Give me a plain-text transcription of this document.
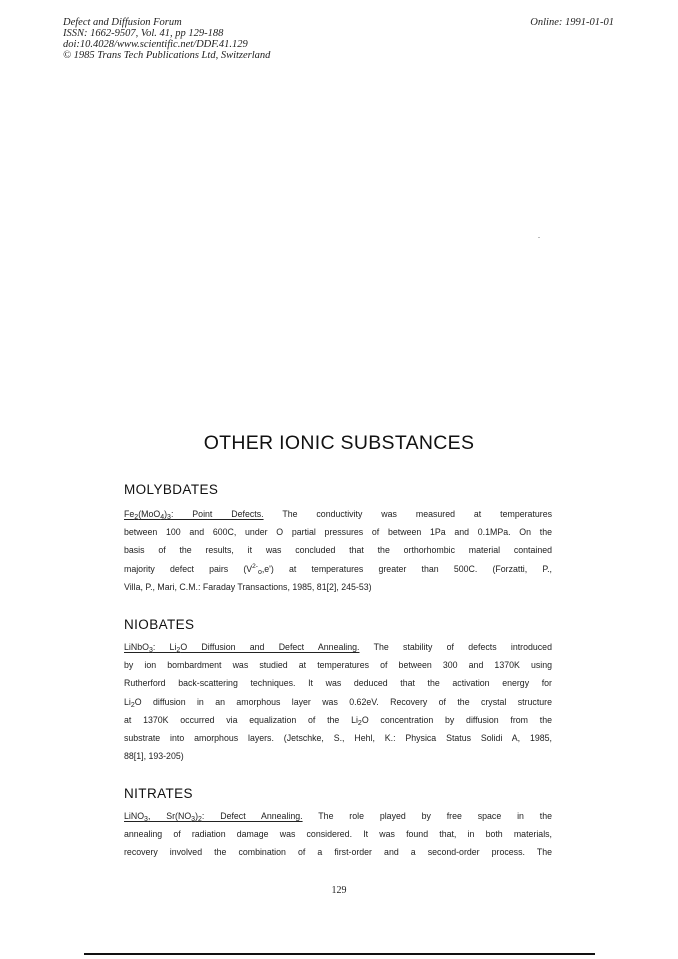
Defect and Diffusion Forum
ISSN: 1662-9507, Vol. 41, pp 129-188
doi:10.4028/www.scientific.net/DDF.41.129
© 1985 Trans Tech Publications Ltd, Switzerland
Online: 1991-01-01
OTHER IONIC SUBSTANCES
MOLYBDATES
$Fe_2(MoO_4)_3$: Point Defects. The conductivity was measured at temperatures
between 100 and 600C, under O partial pressures of between 1Pa and 0.1MPa. On the
basis of the results, it was concluded that the orthorhombic material contained
majority defect pairs $(V^{2-}_o,e')$ at temperatures greater than 500C. (Forzatti, P.,
Villa, P., Mari, C.M.: Faraday Transactions, 1985, 81[2], 245-53)
NIOBATES
LiNbO$_3$: $Li_2O$ Diffusion and Defect Annealing. The stability of defects introduced
by ion bombardment was studied at temperatures of between 300 and 1370K using
Rutherford back-scattering techniques. It was deduced that the activation energy for
$Li_2O$ diffusion in an amorphous layer was 0.62eV. Recovery of the crystal structure
at 1370K occurred via equalization of the $Li_2O$ concentration by diffusion from the
substrate into amorphous layers. (Jetschke, S., Hehl, K.: Physica Status Solidi A, 1985,
88[1], 193-205)
NITRATES
LiNO$_3$, $Sr(NO_3)_2$: Defect Annealing. The role played by free space in the
annealing of radiation damage was considered. It was found that, in both materials,
recovery involved the combination of a first-order and a second-order process. The
129
